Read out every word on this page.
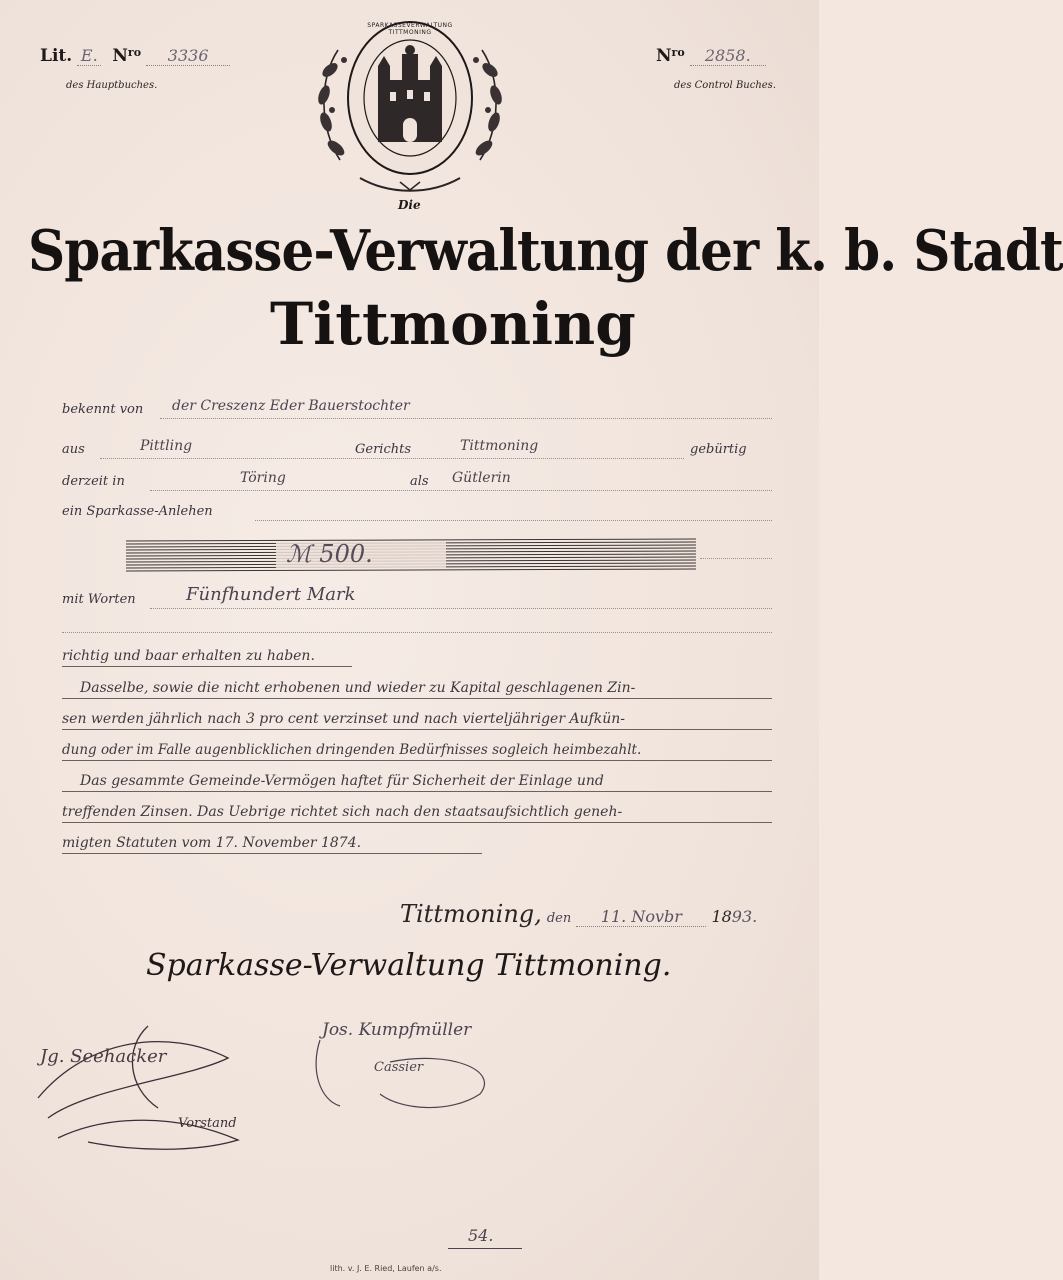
Lit. E. $N^{ro}$ 3336
des Hauptbuches.
$N^{ro}$ 2858.
des Control Buches.
SPARKASSEVERWALTUNG TITTMONING
Die
Sparkasse-Verwaltung der k. b. Stadt
Tittmoning
bekennt von der Creszenz Eder Bauerstochter
aus	Pittling	Gerichts	Tittmoning	gebürtig
derzeit in	Töring	als Gütlerin
ein Sparkasse-Anlehen
ℳ 500.
mit Worten	Fünfhundert Mark
richtig und baar erhalten zu haben.
Dasselbe, sowie die nicht erhobenen und wieder zu Kapital geschlagenen Zin-
sen werden jährlich nach 3 pro cent verzinset und nach vierteljähriger Aufkün-
dung oder im Falle augenblicklichen dringenden Bedürfnisses sogleich heimbezahlt.
Das gesammte Gemeinde-Vermögen haftet für Sicherheit der Einlage und
treffenden Zinsen. Das Uebrige richtet sich nach den staatsaufsichtlich geneh-
migten Statuten vom 17. November 1874.
Tittmoning, den 11. Novbr 1893.
Sparkasse-Verwaltung Tittmoning.
Jg. Seehacker
Vorstand
Jos. Kumpfmüller
Cassier
54.
lith. v. J. E. Ried, Laufen a/s.
